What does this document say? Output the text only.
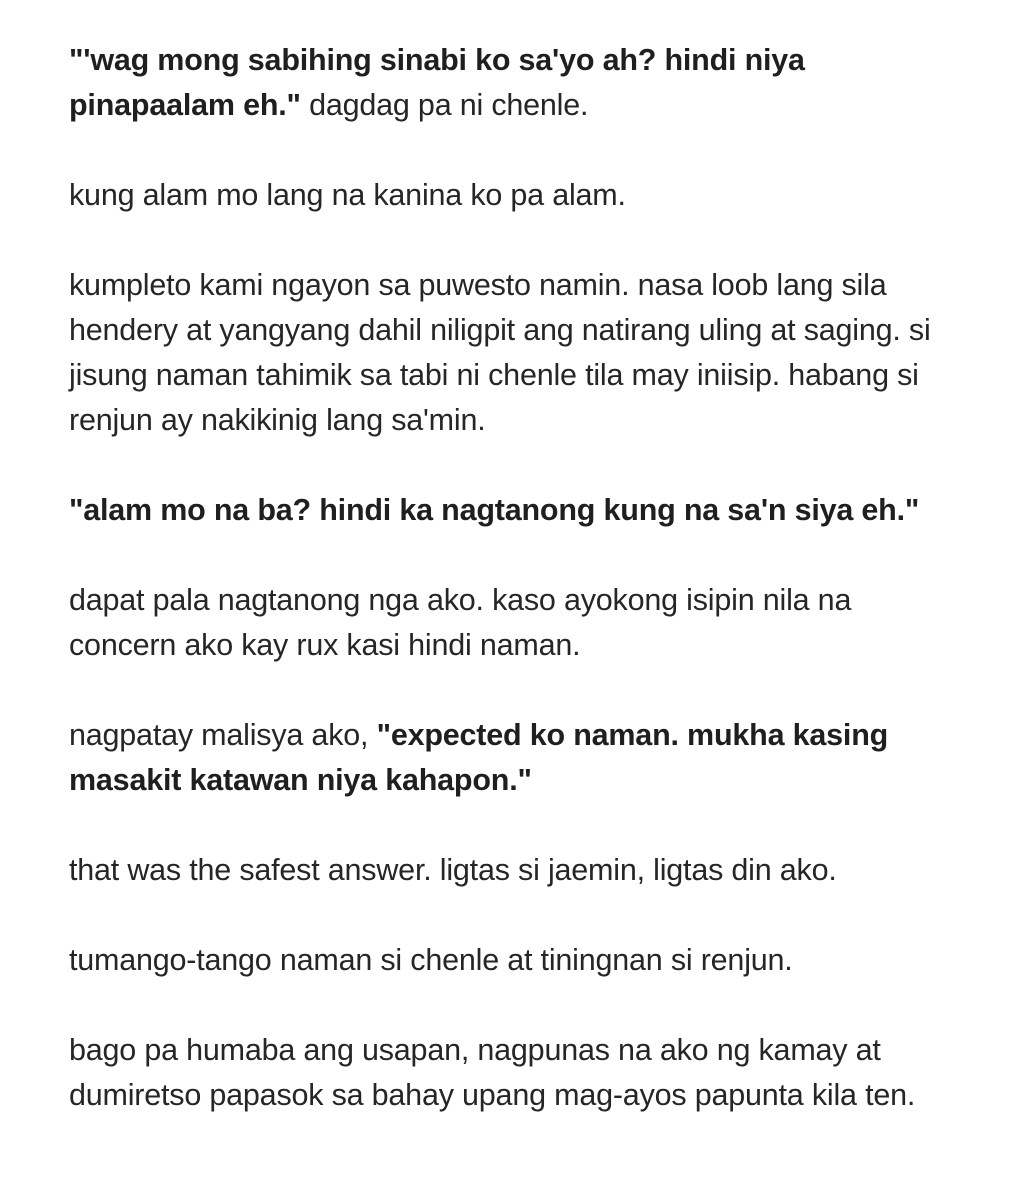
"'wag mong sabihing sinabi ko sa'yo ah? hindi niya pinapaalam eh." dagdag pa ni chenle.

kung alam mo lang na kanina ko pa alam.

kumpleto kami ngayon sa puwesto namin. nasa loob lang sila hendery at yangyang dahil niligpit ang natirang uling at saging. si jisung naman tahimik sa tabi ni chenle tila may iniisip. habang si renjun ay nakikinig lang sa'min.

"alam mo na ba? hindi ka nagtanong kung na sa'n siya eh."

dapat pala nagtanong nga ako. kaso ayokong isipin nila na concern ako kay rux kasi hindi naman.

nagpatay malisya ako, "expected ko naman. mukha kasing masakit katawan niya kahapon."

that was the safest answer. ligtas si jaemin, ligtas din ako.

tumango-tango naman si chenle at tiningnan si renjun.

bago pa humaba ang usapan, nagpunas na ako ng kamay at dumiretso papasok sa bahay upang mag-ayos papunta kila ten.
